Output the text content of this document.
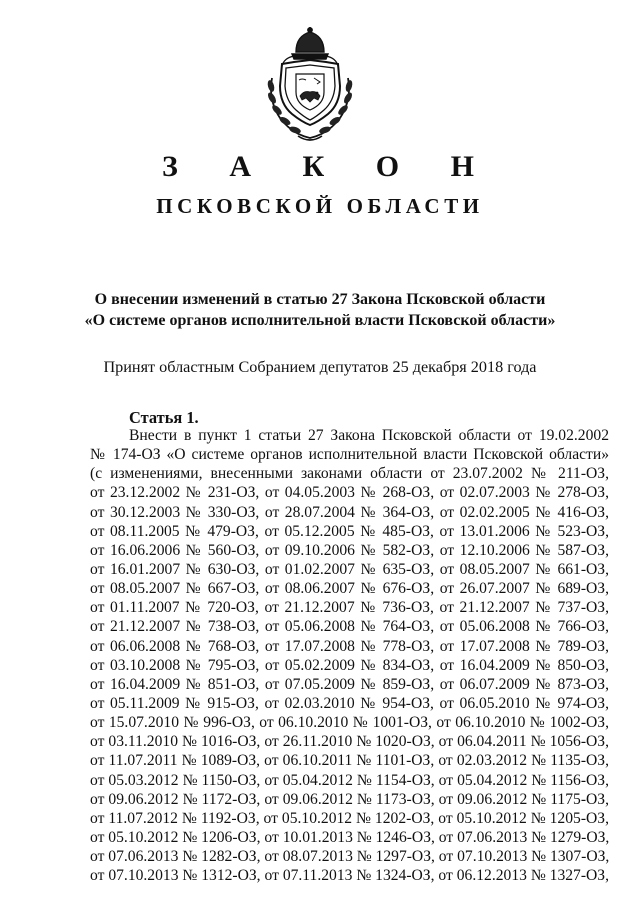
З А К О Н
ПСКОВСКОЙ ОБЛАСТИ
О внесении изменений в статью 27 Закона Псковской области
«О системе органов исполнительной власти Псковской области»
Принят областным Собранием депутатов 25 декабря 2018 года
Статья 1.
Внести в пункт 1 статьи 27 Закона Псковской области от 19.02.2002
№ 174-ОЗ «О системе органов исполнительной власти Псковской области»
(с изменениями, внесенными законами области от 23.07.2002 № 211-ОЗ,
от 23.12.2002 № 231-ОЗ, от 04.05.2003 № 268-ОЗ, от 02.07.2003 № 278-ОЗ,
от 30.12.2003 № 330-ОЗ, от 28.07.2004 № 364-ОЗ, от 02.02.2005 № 416-ОЗ,
от 08.11.2005 № 479-ОЗ, от 05.12.2005 № 485-ОЗ, от 13.01.2006 № 523-ОЗ,
от 16.06.2006 № 560-ОЗ, от 09.10.2006 № 582-ОЗ, от 12.10.2006 № 587-ОЗ,
от 16.01.2007 № 630-ОЗ, от 01.02.2007 № 635-ОЗ, от 08.05.2007 № 661-ОЗ,
от 08.05.2007 № 667-ОЗ, от 08.06.2007 № 676-ОЗ, от 26.07.2007 № 689-ОЗ,
от 01.11.2007 № 720-ОЗ, от 21.12.2007 № 736-ОЗ, от 21.12.2007 № 737-ОЗ,
от 21.12.2007 № 738-ОЗ, от 05.06.2008 № 764-ОЗ, от 05.06.2008 № 766-ОЗ,
от 06.06.2008 № 768-ОЗ, от 17.07.2008 № 778-ОЗ, от 17.07.2008 № 789-ОЗ,
от 03.10.2008 № 795-ОЗ, от 05.02.2009 № 834-ОЗ, от 16.04.2009 № 850-ОЗ,
от 16.04.2009 № 851-ОЗ, от 07.05.2009 № 859-ОЗ, от 06.07.2009 № 873-ОЗ,
от 05.11.2009 № 915-ОЗ, от 02.03.2010 № 954-ОЗ, от 06.05.2010 № 974-ОЗ,
от 15.07.2010 № 996-ОЗ, от 06.10.2010 № 1001-ОЗ, от 06.10.2010 № 1002-ОЗ,
от 03.11.2010 № 1016-ОЗ, от 26.11.2010 № 1020-ОЗ, от 06.04.2011 № 1056-ОЗ,
от 11.07.2011 № 1089-ОЗ, от 06.10.2011 № 1101-ОЗ, от 02.03.2012 № 1135-ОЗ,
от 05.03.2012 № 1150-ОЗ, от 05.04.2012 № 1154-ОЗ, от 05.04.2012 № 1156-ОЗ,
от 09.06.2012 № 1172-ОЗ, от 09.06.2012 № 1173-ОЗ, от 09.06.2012 № 1175-ОЗ,
от 11.07.2012 № 1192-ОЗ, от 05.10.2012 № 1202-ОЗ, от 05.10.2012 № 1205-ОЗ,
от 05.10.2012 № 1206-ОЗ, от 10.01.2013 № 1246-ОЗ, от 07.06.2013 № 1279-ОЗ,
от 07.06.2013 № 1282-ОЗ, от 08.07.2013 № 1297-ОЗ, от 07.10.2013 № 1307-ОЗ,
от 07.10.2013 № 1312-ОЗ, от 07.11.2013 № 1324-ОЗ, от 06.12.2013 № 1327-ОЗ,
